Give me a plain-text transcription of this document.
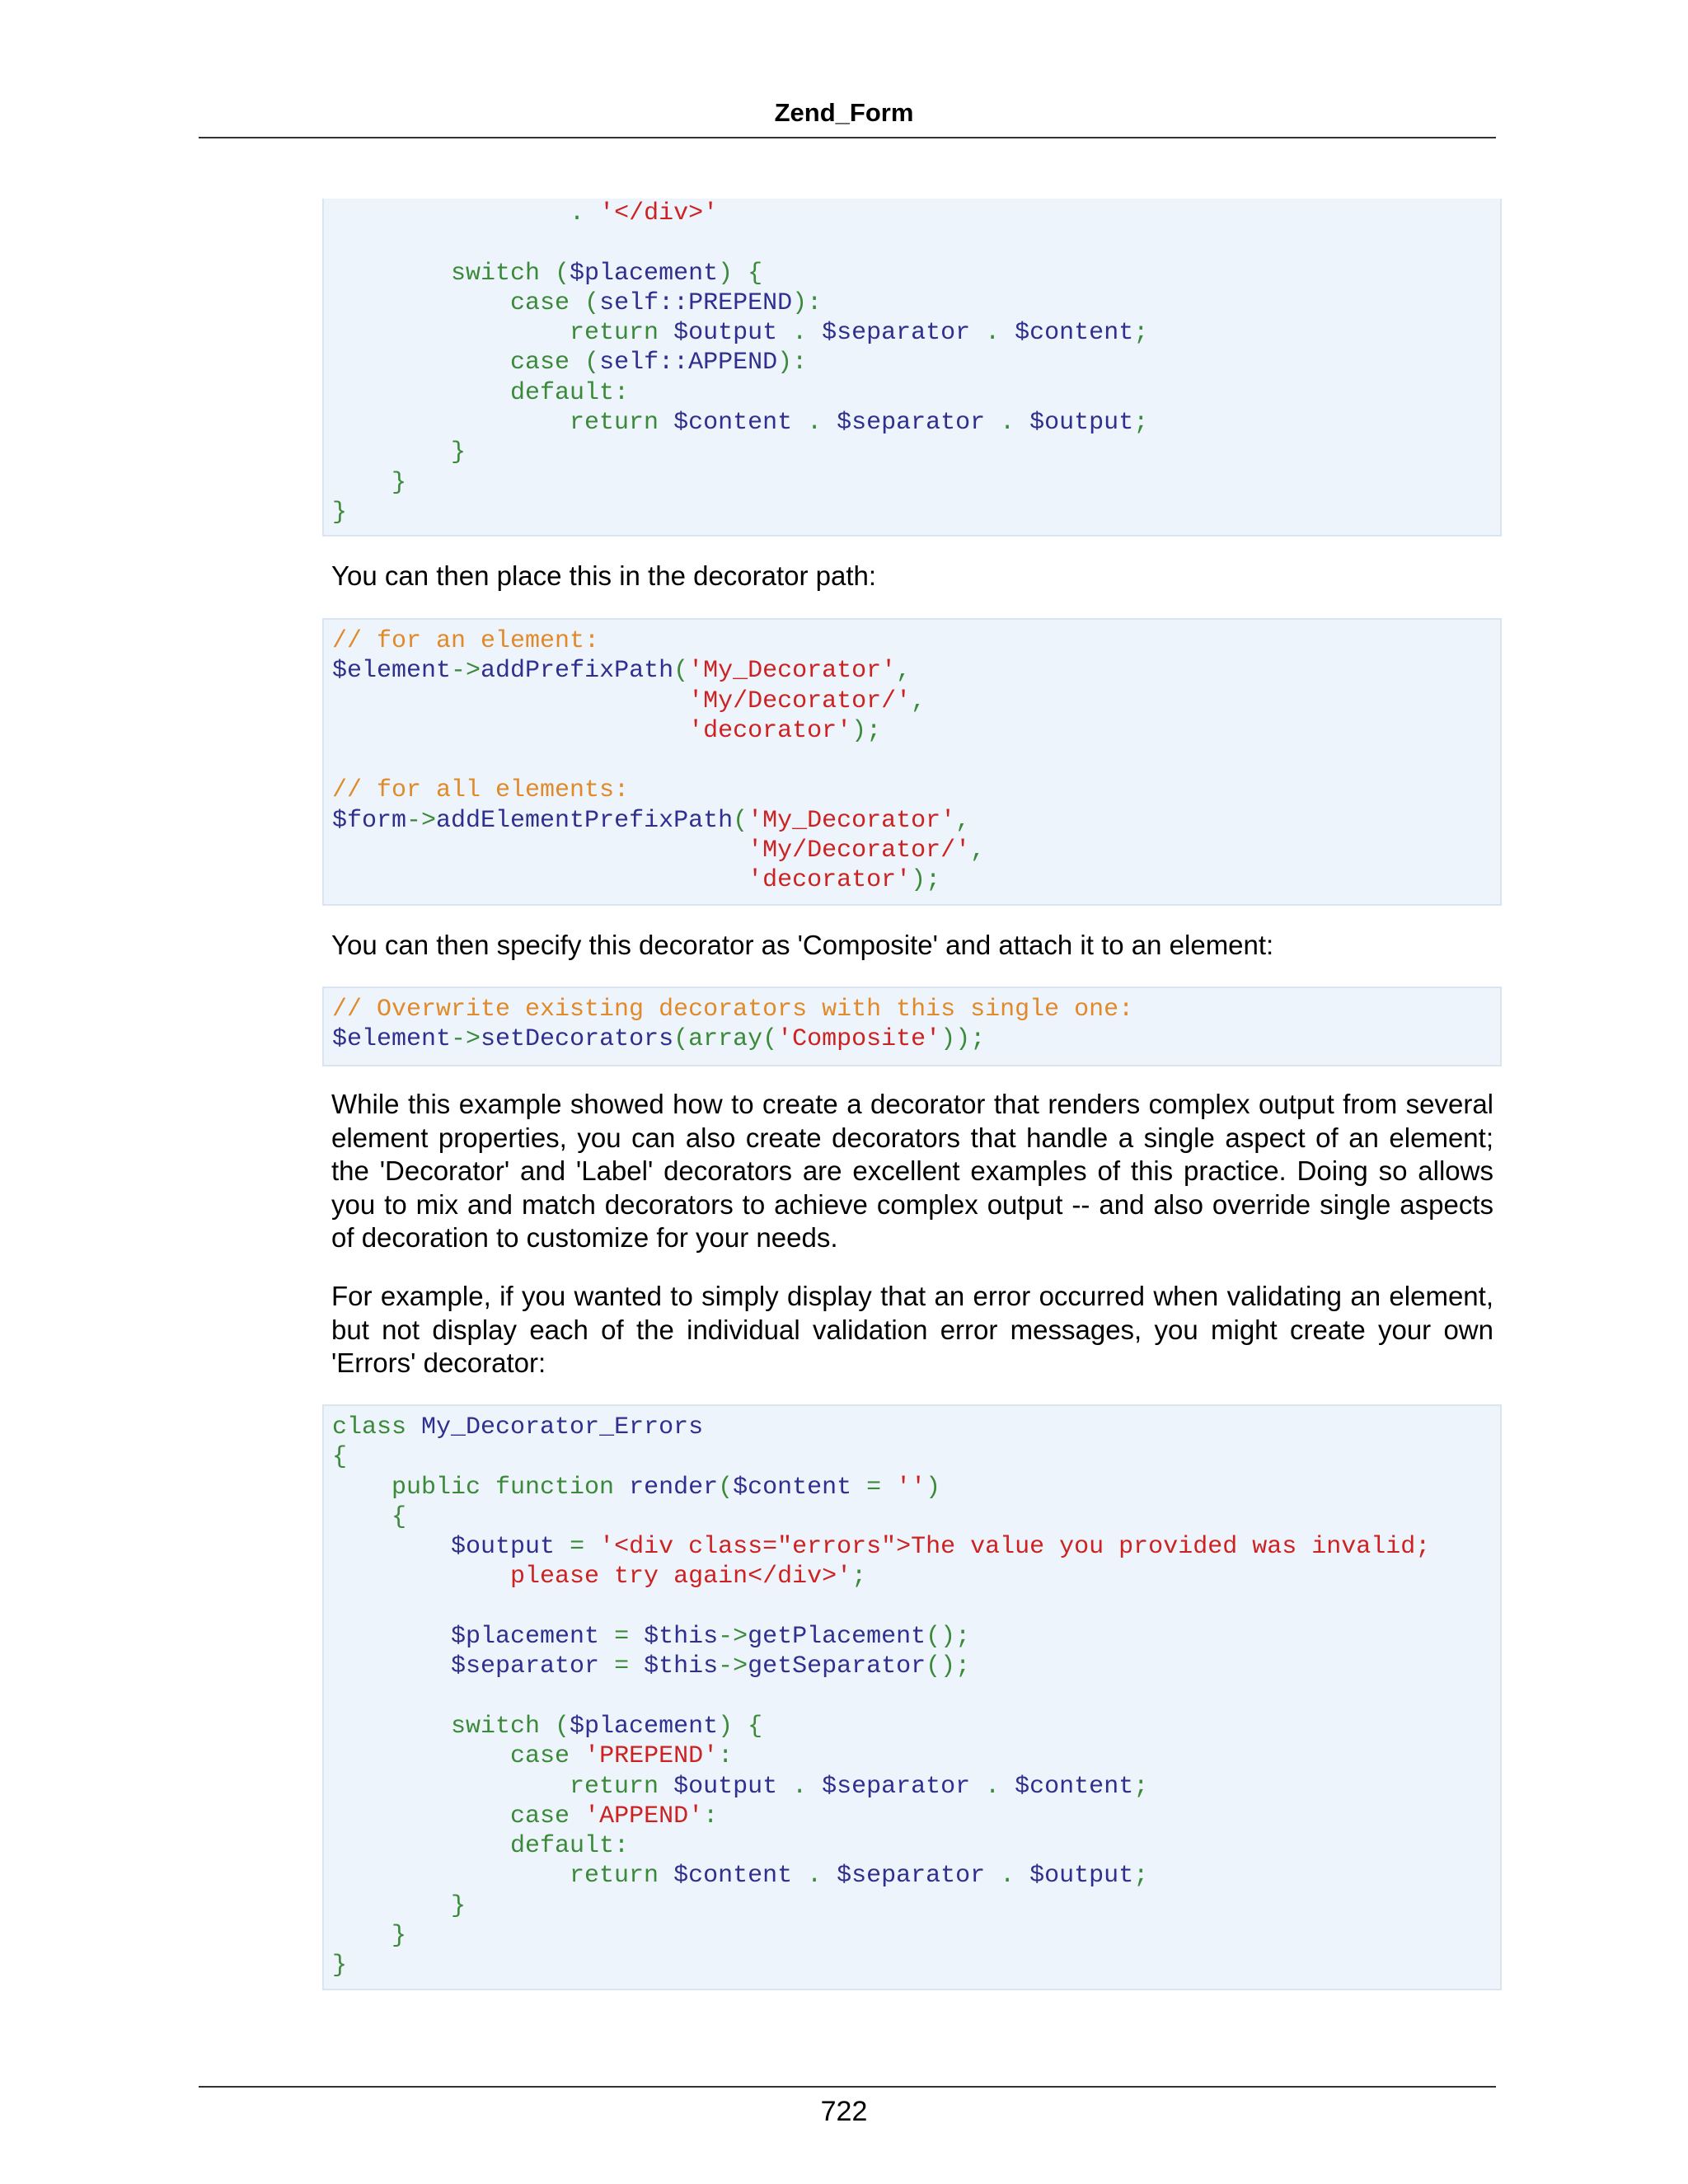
Zend_Form
. '</div>'

switch ($placement) {
case (self::PREPEND):
return $output . $separator . $content;
case (self::APPEND):
default:
return $content . $separator . $output;
}
}
}

You can then place this in the decorator path:

// for an element:
$element->addPrefixPath('My_Decorator',
'My/Decorator/',
'decorator');

// for all elements:
$form->addElementPrefixPath('My_Decorator',
'My/Decorator/',
'decorator');

You can then specify this decorator as 'Composite' and attach it to an element:

// Overwrite existing decorators with this single one:
$element->setDecorators(array('Composite'));

While this example showed how to create a decorator that renders complex output from several element properties, you can also create decorators that handle a single aspect of an element; the 'Decorator' and 'Label' decorators are excellent examples of this practice. Doing so allows you to mix and match decorators to achieve complex output -- and also override single aspects of decoration to customize for your needs.

For example, if you wanted to simply display that an error occurred when validating an element, but not display each of the individual validation error messages, you might create your own 'Errors' decorator:

class My_Decorator_Errors
{
public function render($content = '')
{
$output = '<div class="errors">The value you provided was invalid;
please try again</div>';

$placement = $this->getPlacement();
$separator = $this->getSeparator();

switch ($placement) {
case 'PREPEND':
return $output . $separator . $content;
case 'APPEND':
default:
return $content . $separator . $output;
}
}
}
722
